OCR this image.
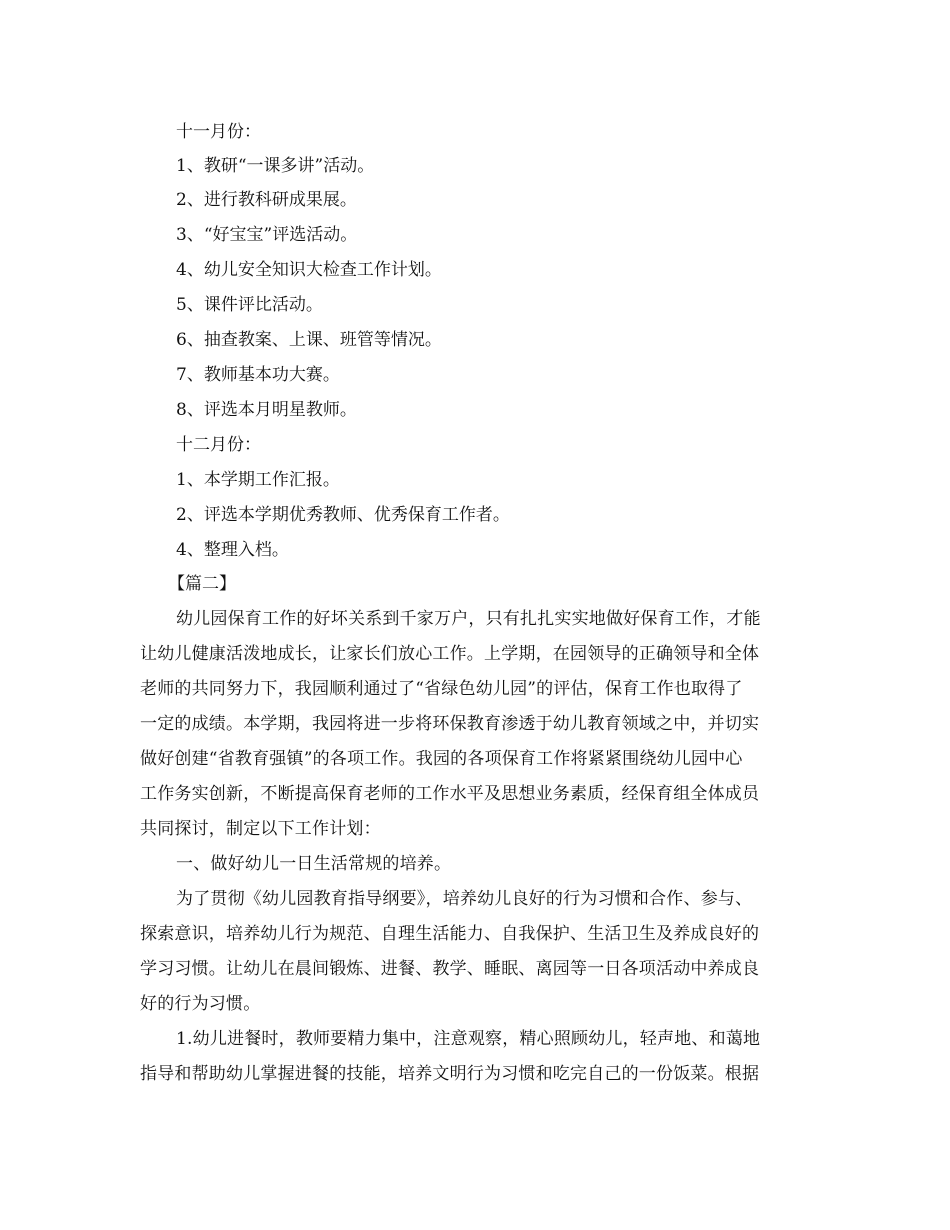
十一月份：
1、教研“一课多讲”活动。
2、进行教科研成果展。
3、“好宝宝”评选活动。
4、幼儿安全知识大检查工作计划。
5、课件评比活动。
6、抽查教案、上课、班管等情况。
7、教师基本功大赛。
8、评选本月明星教师。
十二月份：
1、本学期工作汇报。
2、评选本学期优秀教师、优秀保育工作者。
4、整理入档。
【篇二】
幼儿园保育工作的好坏关系到千家万户，只有扎扎实实地做好保育工作，才能
让幼儿健康活泼地成长，让家长们放心工作。上学期，在园领导的正确领导和全体
老师的共同努力下，我园顺利通过了“省绿色幼儿园”的评估，保育工作也取得了
一定的成绩。本学期，我园将进一步将环保教育渗透于幼儿教育领域之中，并切实
做好创建“省教育强镇”的各项工作。我园的各项保育工作将紧紧围绕幼儿园中心
工作务实创新，不断提高保育老师的工作水平及思想业务素质，经保育组全体成员
共同探讨，制定以下工作计划：
一、做好幼儿一日生活常规的培养。
为了贯彻《幼儿园教育指导纲要》，培养幼儿良好的行为习惯和合作、参与、
探索意识，培养幼儿行为规范、自理生活能力、自我保护、生活卫生及养成良好的
学习习惯。让幼儿在晨间锻炼、进餐、教学、睡眠、离园等一日各项活动中养成良
好的行为习惯。
1.幼儿进餐时，教师要精力集中，注意观察，精心照顾幼儿，轻声地、和蔼地
指导和帮助幼儿掌握进餐的技能，培养文明行为习惯和吃完自己的一份饭菜。根据
